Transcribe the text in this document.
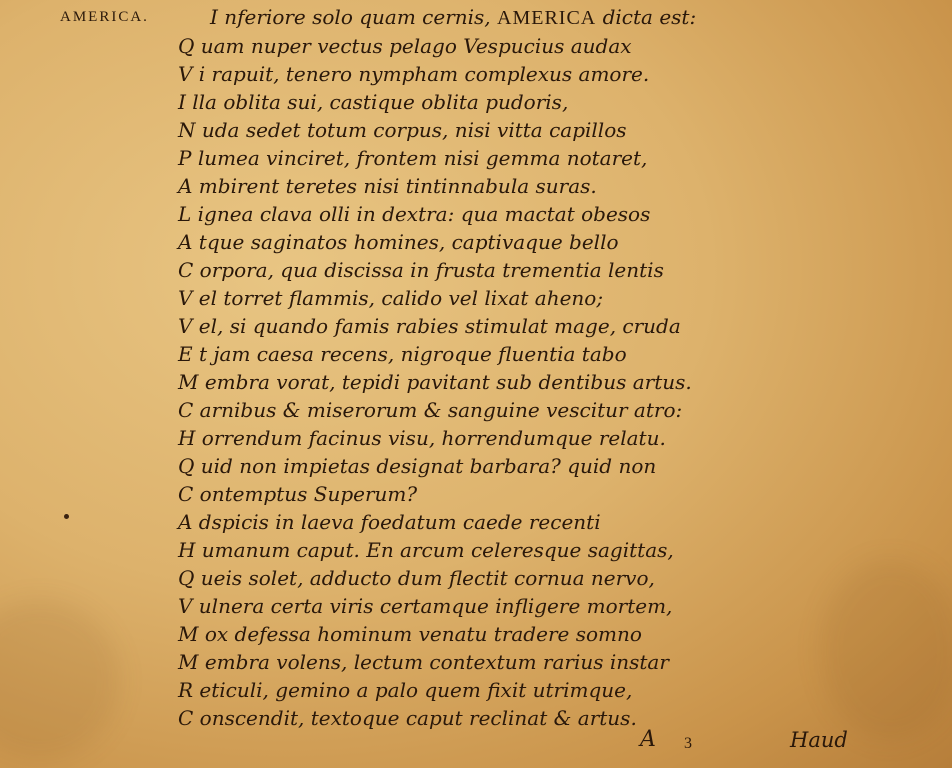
AMERICA.	I nferiore solo quam cernis, AMERICA dicta est:
Q uam nuper vectus pelago Vespucius audax
V i rapuit, tenero nympham complexus amore.
I lla oblita sui, castique oblita pudoris,
N uda sedet totum corpus, nisi vitta capillos
P lumea vinciret, frontem nisi gemma notaret,
A mbirent teretes nisi tintinnabula suras.
L ignea clava olli in dextra: qua mactat obesos
A tque saginatos homines, captivaque bello
C orpora, qua discissa in frusta trementia lentis
V el torret flammis, calido vel lixat aheno;
V el, si quando famis rabies stimulat mage, cruda
E t jam caesa recens, nigroque fluentia tabo
M embra vorat, tepidi pavitant sub dentibus artus.
C arnibus & miserorum & sanguine vescitur atro:
H orrendum facinus visu, horrendumque relatu.
Q uid non impietas designat barbara? quid non
C ontemptus Superum?
A dspicis in laeva foedatum caede recenti
H umanum caput. En arcum celeresque sagittas,
Q ueis solet, adducto dum flectit cornua nervo,
V ulnera certa viris certamque infligere mortem,
M ox defessa hominum venatu tradere somno
M embra volens, lectum contextum rarius instar
R eticuli, gemino a palo quem fixit utrimque,
C onscendit, textoque caput reclinat & artus.
A 3	Haud
